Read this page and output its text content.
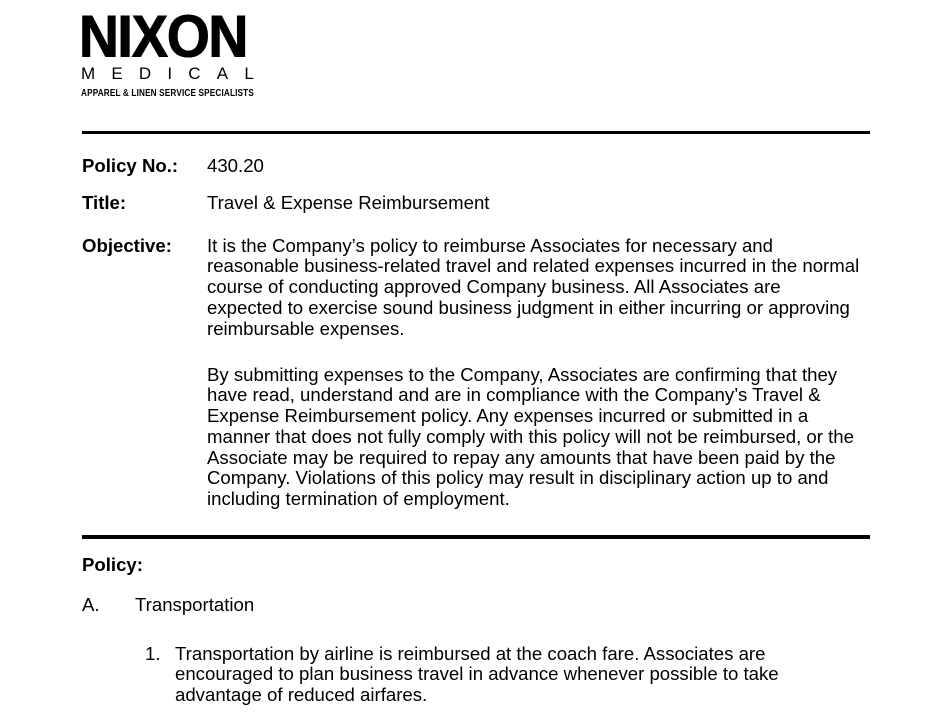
NIXON
MEDICAL
APPAREL & LINEN SERVICE SPECIALISTS
Policy No.: 430.20
Title:	Travel & Expense Reimbursement
Objective: It is the Company’s policy to reimburse Associates for necessary and
reasonable business-related travel and related expenses incurred in the normal
course of conducting approved Company business. All Associates are
expected to exercise sound business judgment in either incurring or approving
reimbursable expenses.
By submitting expenses to the Company, Associates are confirming that they
have read, understand and are in compliance with the Company’s Travel &
Expense Reimbursement policy. Any expenses incurred or submitted in a
manner that does not fully comply with this policy will not be reimbursed, or the
Associate may be required to repay any amounts that have been paid by the
Company. Violations of this policy may result in disciplinary action up to and
including termination of employment.
Policy:
A. Transportation
1. Transportation by airline is reimbursed at the coach fare. Associates are
encouraged to plan business travel in advance whenever possible to take
advantage of reduced airfares.
